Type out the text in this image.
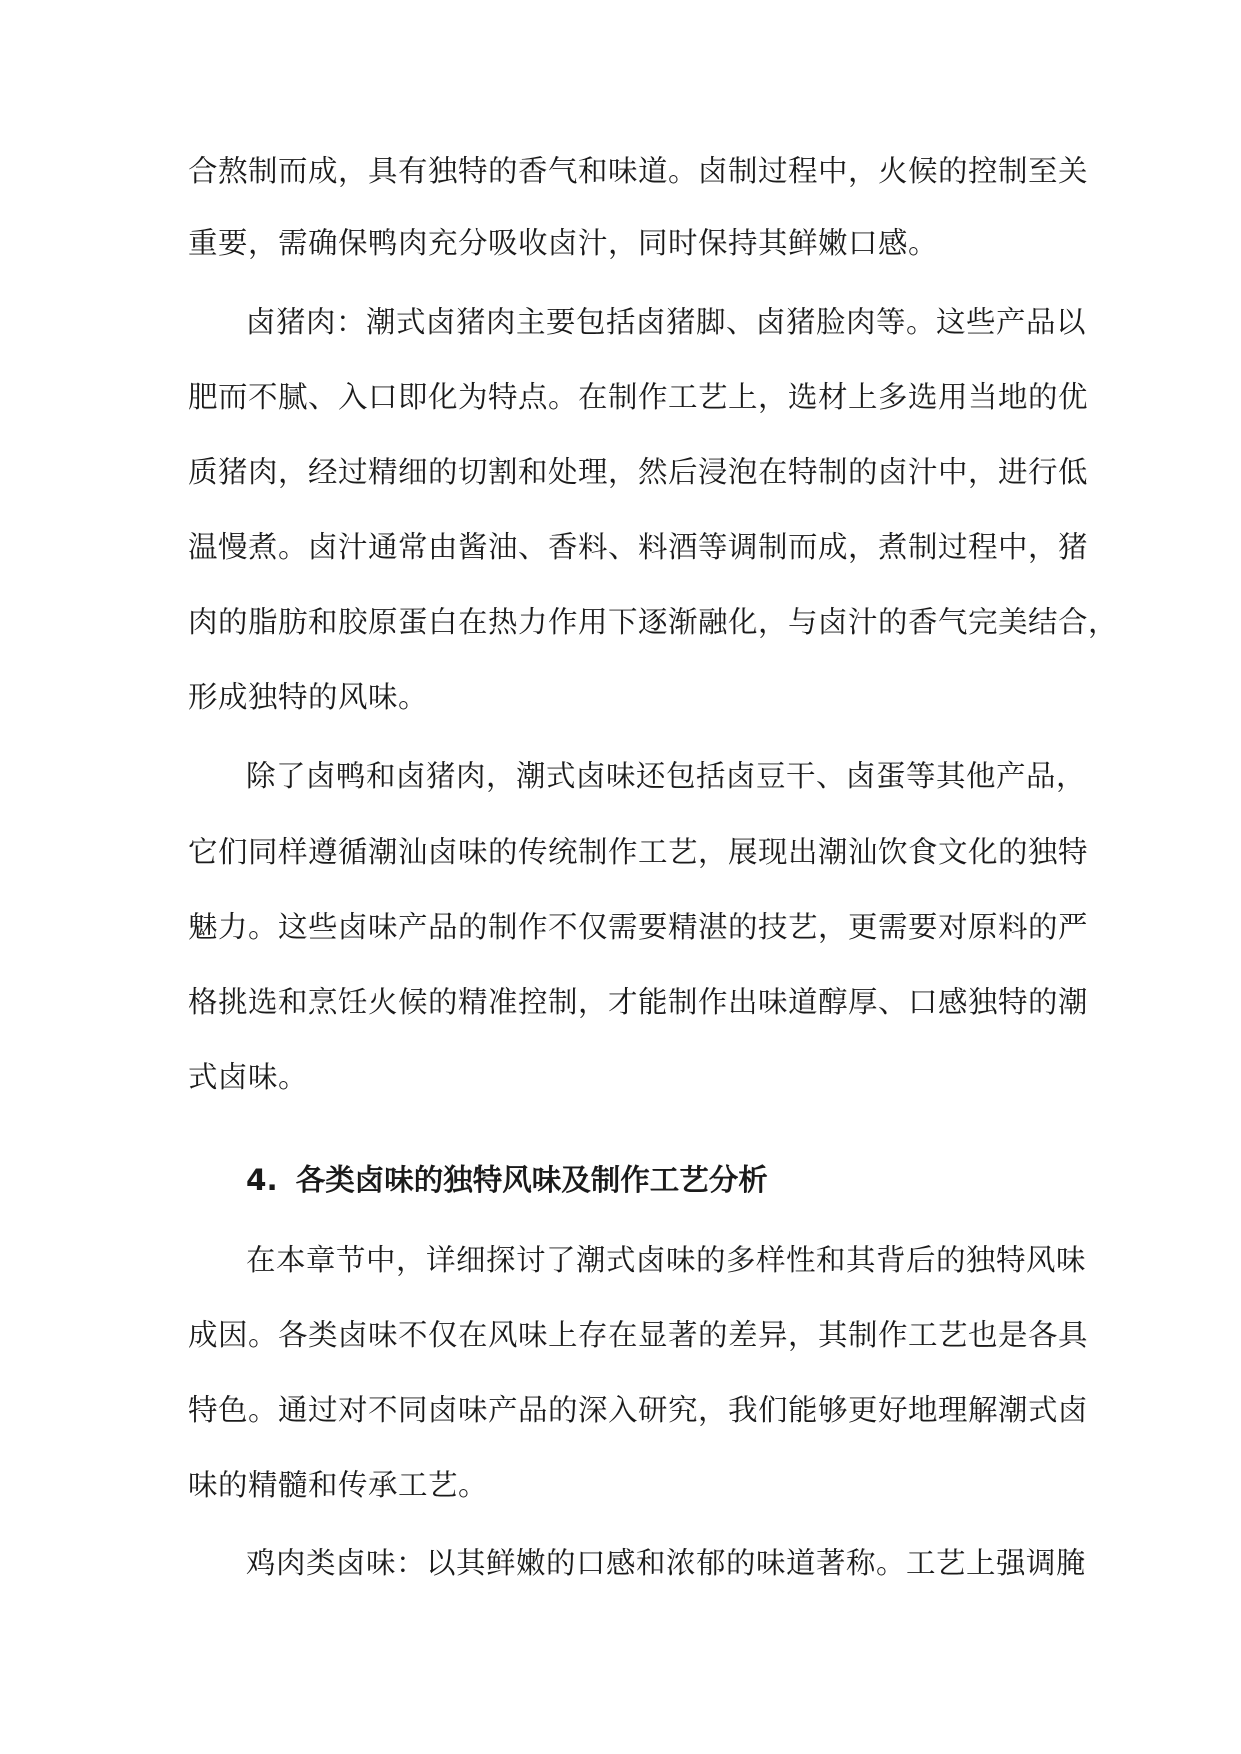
合熬制而成，具有独特的香气和味道。卤制过程中，火候的控制至关
重要，需确保鸭肉充分吸收卤汁，同时保持其鲜嫩口感。
卤猪肉：潮式卤猪肉主要包括卤猪脚、卤猪脸肉等。这些产品以
肥而不腻、入口即化为特点。在制作工艺上，选材上多选用当地的优
质猪肉，经过精细的切割和处理，然后浸泡在特制的卤汁中，进行低
温慢煮。卤汁通常由酱油、香料、料酒等调制而成，煮制过程中，猪
肉的脂肪和胶原蛋白在热力作用下逐渐融化，与卤汁的香气完美结合，
形成独特的风味。
除了卤鸭和卤猪肉，潮式卤味还包括卤豆干、卤蛋等其他产品，
它们同样遵循潮汕卤味的传统制作工艺，展现出潮汕饮食文化的独特
魅力。这些卤味产品的制作不仅需要精湛的技艺，更需要对原料的严
格挑选和烹饪火候的精准控制，才能制作出味道醇厚、口感独特的潮
式卤味。
4. 各类卤味的独特风味及制作工艺分析
在本章节中，详细探讨了潮式卤味的多样性和其背后的独特风味
成因。各类卤味不仅在风味上存在显著的差异，其制作工艺也是各具
特色。通过对不同卤味产品的深入研究，我们能够更好地理解潮式卤
味的精髓和传承工艺。
鸡肉类卤味：以其鲜嫩的口感和浓郁的味道著称。工艺上强调腌
